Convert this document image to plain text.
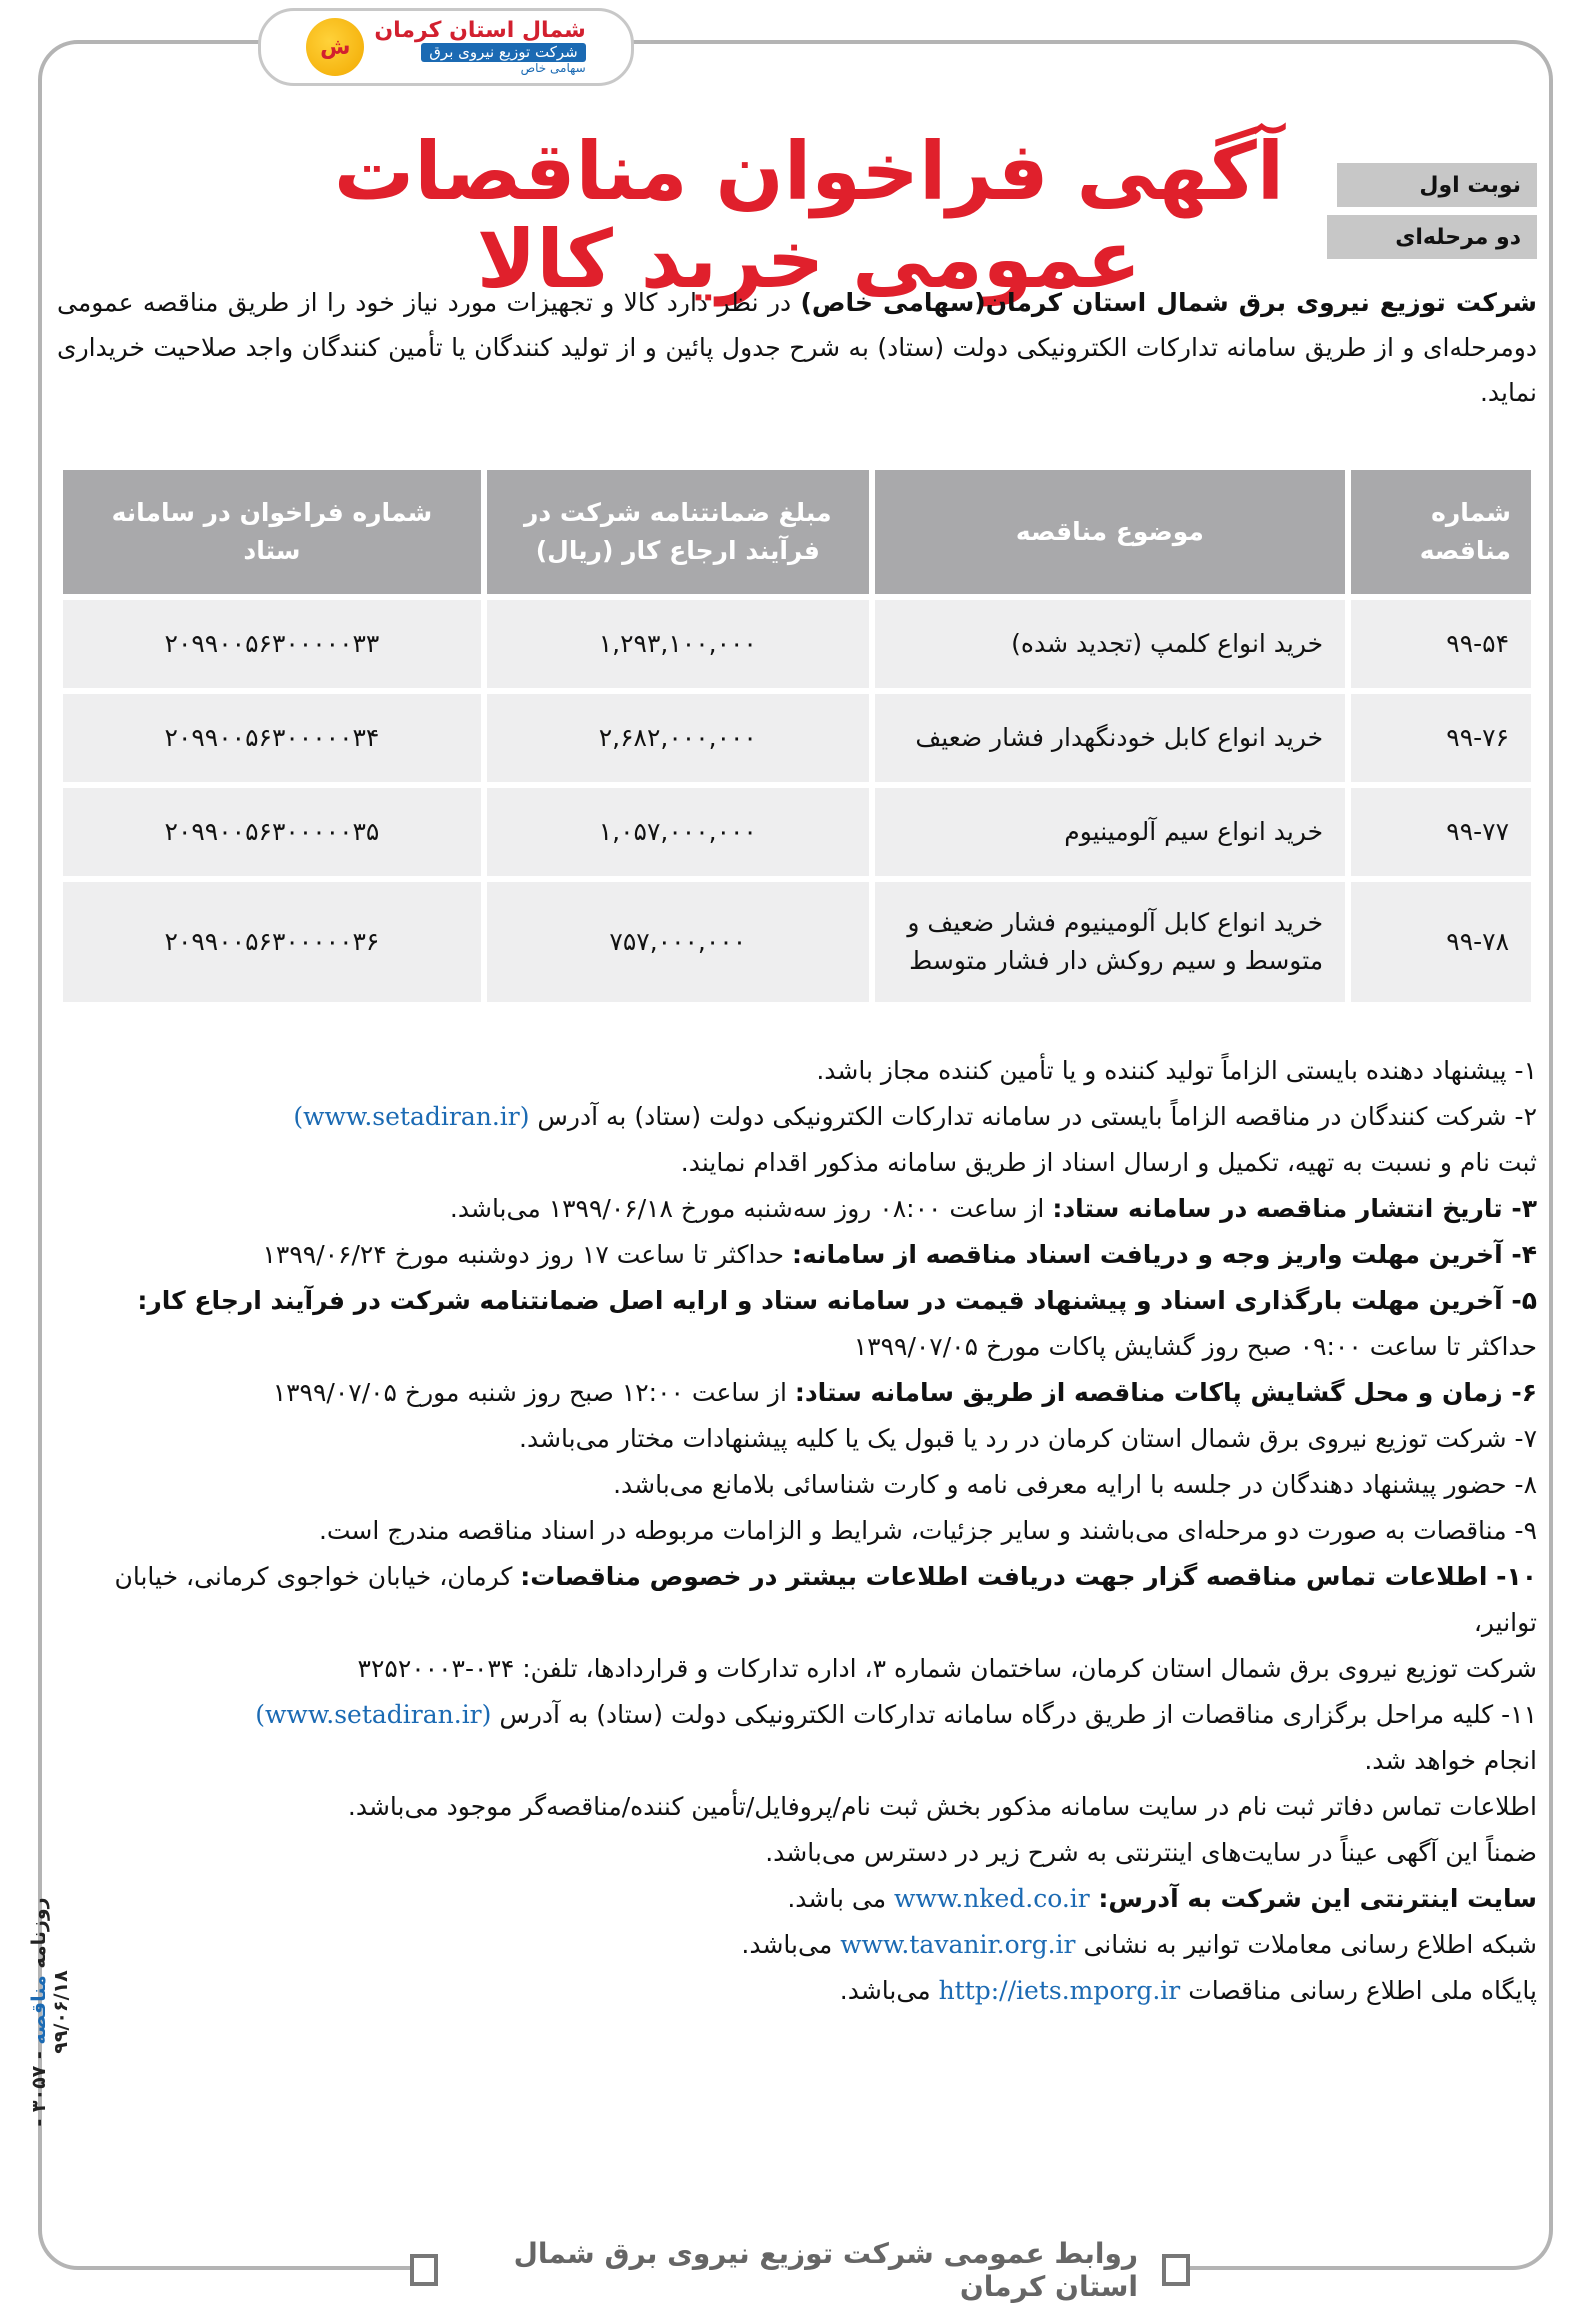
شمال استان کرمان
شرکت توزیع نیروی برق
سهامی خاص
ش
نوبت اول
دو مرحله‌ای
آگهی فراخوان مناقصات عمومی خرید کالا
شرکت توزیع نیروی برق شمال استان کرمان(سهامی خاص) در نظر دارد کالا و تجهیزات مورد نیاز خود را از طریق مناقصه عمومی دومرحله‌ای و از طریق سامانه تدارکات الکترونیکی دولت (ستاد) به شرح جدول پائین و از تولید کنندگان یا تأمین کنندگان واجد صلاحیت خریداری نماید.
شماره مناقصه	موضوع مناقصه	مبلغ ضمانتنامه شرکت در فرآیند ارجاع کار (ریال)	شماره فراخوان در سامانه ستاد
۹۹-۵۴	خرید انواع کلمپ (تجدید شده)	۱,۲۹۳,۱۰۰,۰۰۰	۲۰۹۹۰۰۵۶۳۰۰۰۰۰۳۳
۹۹-۷۶	خرید انواع کابل خودنگهدار فشار ضعیف	۲,۶۸۲,۰۰۰,۰۰۰	۲۰۹۹۰۰۵۶۳۰۰۰۰۰۳۴
۹۹-۷۷	خرید انواع سیم آلومینیوم	۱,۰۵۷,۰۰۰,۰۰۰	۲۰۹۹۰۰۵۶۳۰۰۰۰۰۳۵
۹۹-۷۸	خرید انواع کابل آلومینیوم فشار ضعیف و متوسط و سیم روکش دار فشار متوسط	۷۵۷,۰۰۰,۰۰۰	۲۰۹۹۰۰۵۶۳۰۰۰۰۰۳۶

۱- پیشنهاد دهنده بایستی الزاماً تولید کننده و یا تأمین کننده مجاز باشد.

۲- شرکت کنندگان در مناقصه الزاماً بایستی در سامانه تدارکات الکترونیکی دولت (ستاد) به آدرس (www.setadiran.ir)

ثبت نام و نسبت به تهیه، تکمیل و ارسال اسناد از طریق سامانه مذکور اقدام نمایند.

۳- تاریخ انتشار مناقصه در سامانه ستاد: از ساعت ۰۸:۰۰ روز سه‌شنبه مورخ ۱۳۹۹/۰۶/۱۸ می‌باشد.

۴- آخرین مهلت واریز وجه و دریافت اسناد مناقصه از سامانه: حداکثر تا ساعت ۱۷ روز دوشنبه مورخ ۱۳۹۹/۰۶/۲۴

۵- آخرین مهلت بارگذاری اسناد و پیشنهاد قیمت در سامانه ستاد و ارایه اصل ضمانتنامه شرکت در فرآیند ارجاع کار:

حداکثر تا ساعت ۰۹:۰۰ صبح روز گشایش پاکات مورخ ۱۳۹۹/۰۷/۰۵

۶- زمان و محل گشایش پاکات مناقصه از طریق سامانه ستاد: از ساعت ۱۲:۰۰ صبح روز شنبه مورخ ۱۳۹۹/۰۷/۰۵

۷- شرکت توزیع نیروی برق شمال استان کرمان در رد یا قبول یک یا کلیه پیشنهادات مختار می‌باشد.

۸- حضور پیشنهاد دهندگان در جلسه با ارایه معرفی نامه و کارت شناسائی بلامانع می‌باشد.

۹- مناقصات به صورت دو مرحله‌ای می‌باشند و سایر جزئیات، شرایط و الزامات مربوطه در اسناد مناقصه مندرج است.

۱۰- اطلاعات تماس مناقصه گزار جهت دریافت اطلاعات بیشتر در خصوص مناقصات: کرمان، خیابان خواجوی کرمانی، خیابان توانیر،

شرکت توزیع نیروی برق شمال استان کرمان، ساختمان شماره ۳، اداره تدارکات و قراردادها، تلفن: ۰۳۴-۳۲۵۲۰۰۰۳

۱۱- کلیه مراحل برگزاری مناقصات از طریق درگاه سامانه تدارکات الکترونیکی دولت (ستاد) به آدرس (www.setadiran.ir)

انجام خواهد شد.

اطلاعات تماس دفاتر ثبت نام در سایت سامانه مذکور بخش ثبت نام/پروفایل/تأمین کننده/مناقصه‌گر موجود می‌باشد.

ضمناً این آگهی عیناً در سایت‌های اینترنتی به شرح زیر در دسترس می‌باشد.

سایت اینترنتی این شرکت به آدرس: www.nked.co.ir می باشد.

شبکه اطلاع رسانی معاملات توانیر به نشانی www.tavanir.org.ir می‌باشد.

پایگاه ملی اطلاع رسانی مناقصات http://iets.mporg.ir می‌باشد.

روزنامه مناقصه - ۳۰۵۷ - ۹۹/۰۶/۱۸
روابط عمومی شرکت توزیع نیروی برق شمال استان کرمان
